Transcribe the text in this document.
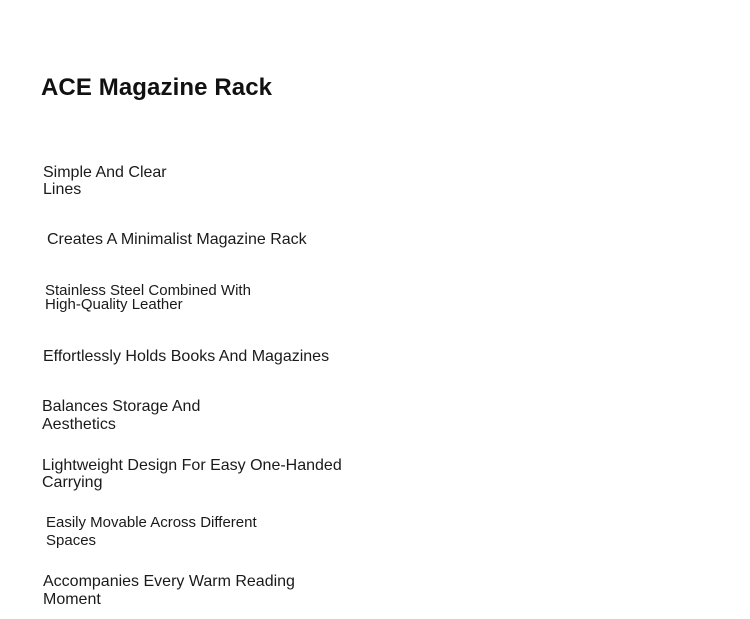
ACE Magazine Rack

Simple And Clear
Lines

Creates A Minimalist Magazine Rack

Stainless Steel Combined With
High-Quality Leather

Effortlessly Holds Books And Magazines

Balances Storage And
Aesthetics

Lightweight Design For Easy One-Handed
Carrying

Easily Movable Across Different
Spaces

Accompanies Every Warm Reading
Moment
